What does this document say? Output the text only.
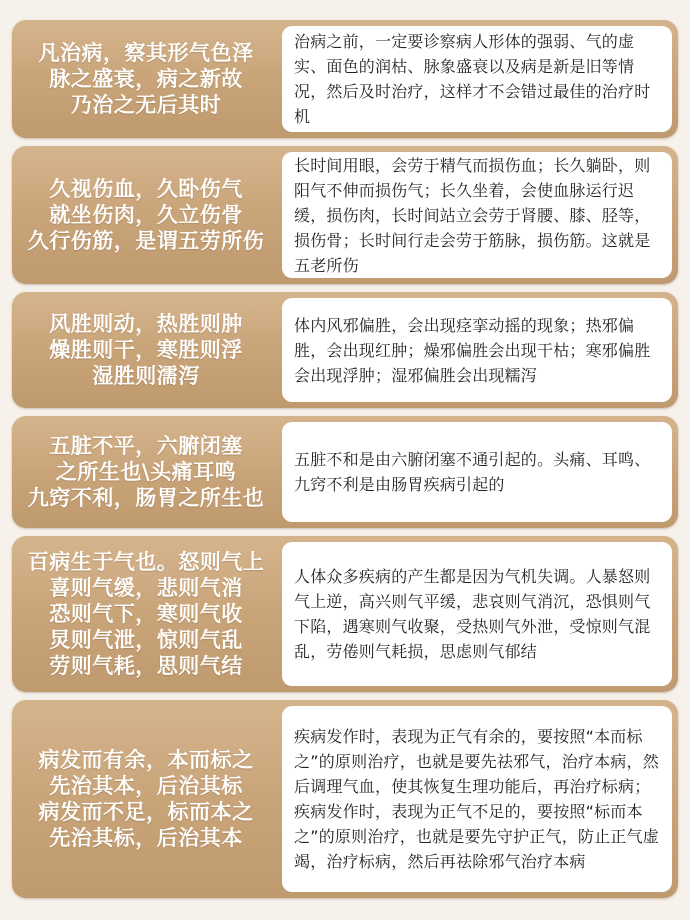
凡治病，察其形气色泽
脉之盛衰，病之新故
乃治之无后其时
治病之前，一定要诊察病人形体的强弱、气的虚实、面色的润枯、脉象盛衰以及病是新是旧等情况，然后及时治疗，这样才不会错过最佳的治疗时机
久视伤血，久卧伤气
就坐伤肉，久立伤骨
久行伤筋，是谓五劳所伤
长时间用眼，会劳于精气而损伤血；长久躺卧，则阳气不伸而损伤气；长久坐着，会使血脉运行迟缓，损伤肉，长时间站立会劳于肾腰、膝、胫等，损伤骨；长时间行走会劳于筋脉，损伤筋。这就是五老所伤
风胜则动，热胜则肿
燥胜则干，寒胜则浮
湿胜则濡泻
体内风邪偏胜，会出现痉挛动摇的现象；热邪偏胜，会出现红肿；燥邪偏胜会出现干枯；寒邪偏胜会出现浮肿；湿邪偏胜会出现糯泻
五脏不平，六腑闭塞
之所生也\头痛耳鸣
九窍不利，肠胃之所生也
五脏不和是由六腑闭塞不通引起的。头痛、耳鸣、九窍不利是由肠胃疾病引起的
百病生于气也。怒则气上
喜则气缓，悲则气消
恐则气下，寒则气收
炅则气泄，惊则气乱
劳则气耗，思则气结
人体众多疾病的产生都是因为气机失调。人暴怒则气上逆，高兴则气平缓，悲哀则气消沉，恐惧则气下陷，遇寒则气收聚，受热则气外泄，受惊则气混乱，劳倦则气耗损，思虑则气郁结
病发而有余，本而标之
先治其本，后治其标
病发而不足，标而本之
先治其标，后治其本
疾病发作时，表现为正气有余的，要按照“本而标之”的原则治疗，也就是要先祛邪气，治疗本病，然后调理气血，使其恢复生理功能后，再治疗标病；疾病发作时，表现为正气不足的，要按照“标而本之”的原则治疗，也就是要先守护正气，防止正气虚竭，治疗标病，然后再祛除邪气治疗本病
